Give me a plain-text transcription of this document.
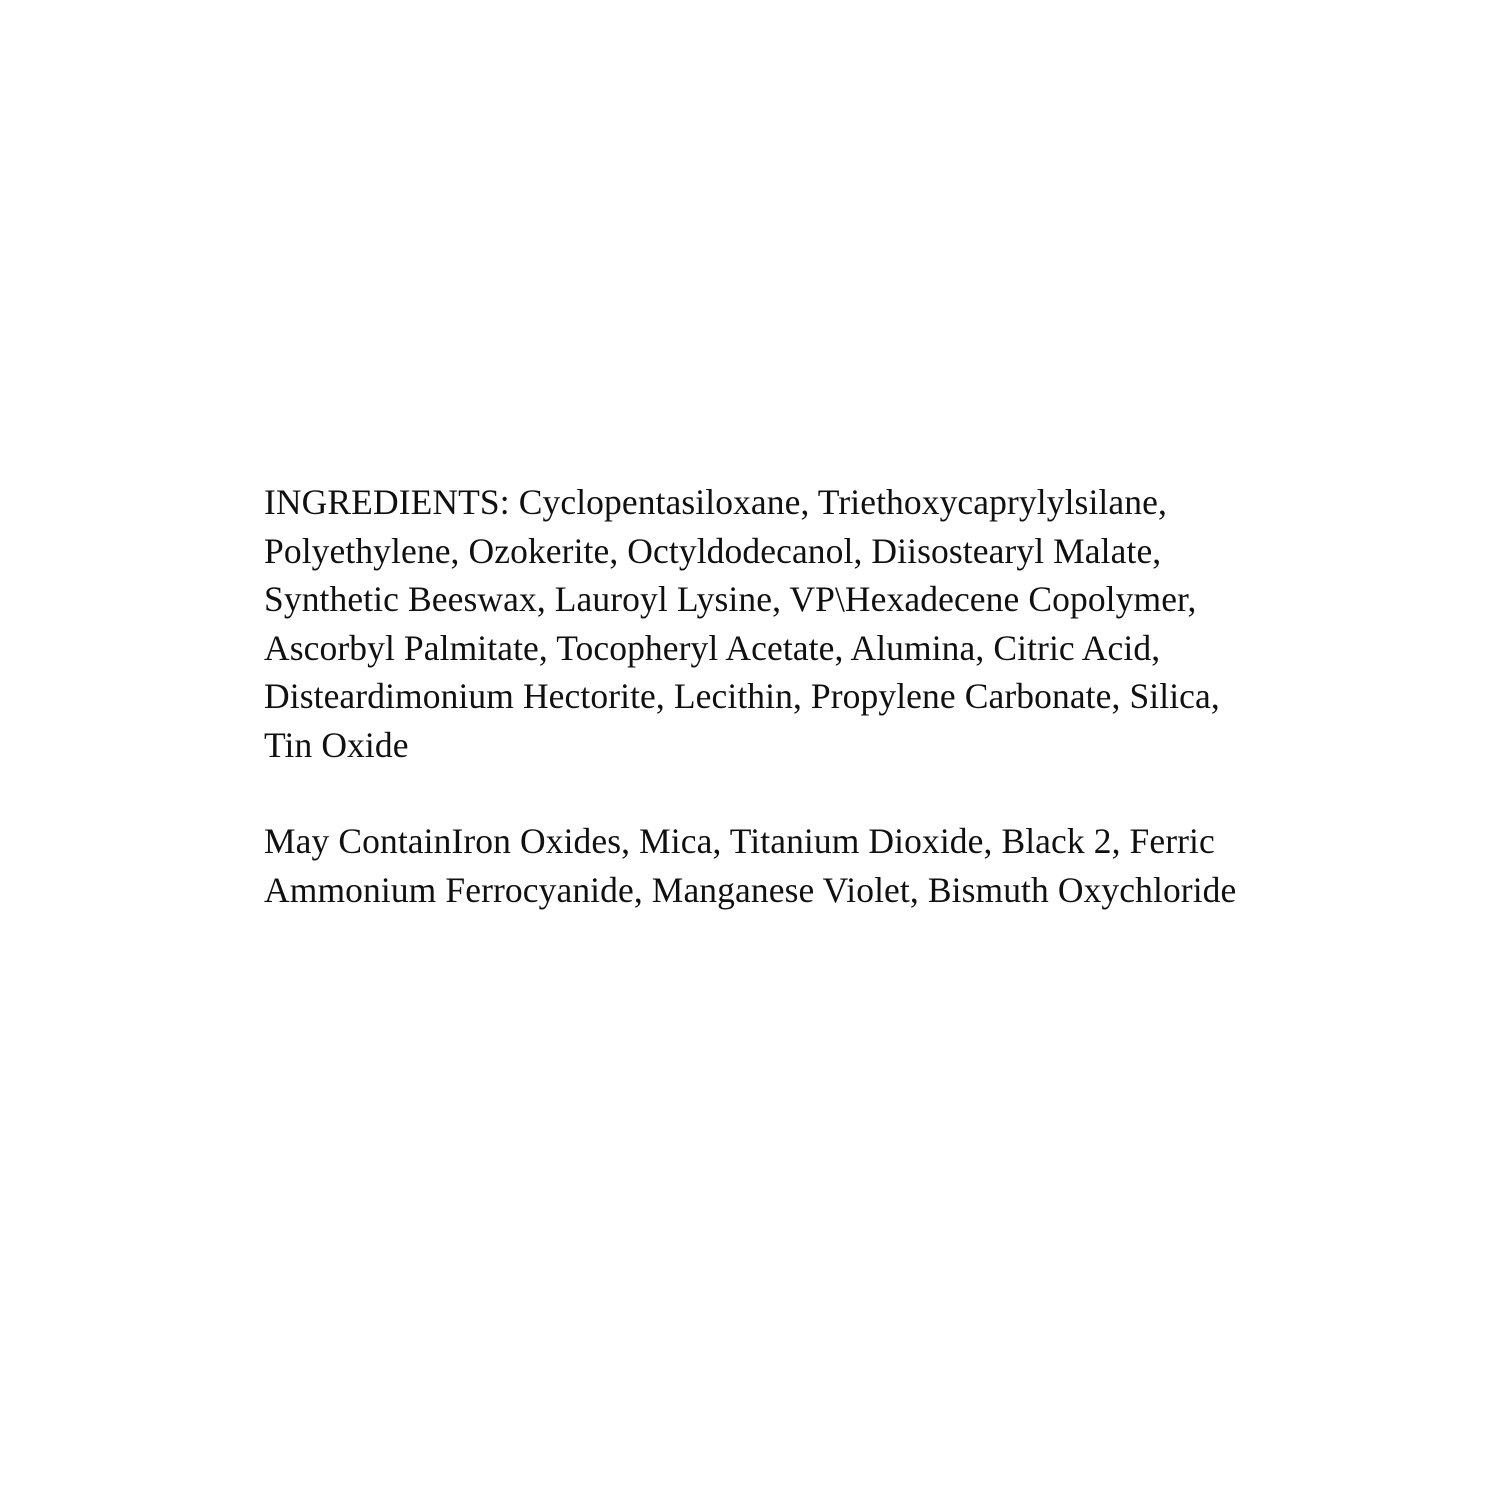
INGREDIENTS: Cyclopentasiloxane, Triethoxycaprylylsilane, Polyethylene, Ozokerite, Octyldodecanol, Diisostearyl Malate, Synthetic Beeswax, Lauroyl Lysine, VP\Hexadecene Copolymer, Ascorbyl Palmitate, Tocopheryl Acetate, Alumina, Citric Acid, Disteardimonium Hectorite, Lecithin, Propylene Carbonate, Silica, Tin Oxide

May ContainIron Oxides, Mica, Titanium Dioxide, Black 2, Ferric Ammonium Ferrocyanide, Manganese Violet, Bismuth Oxychloride
